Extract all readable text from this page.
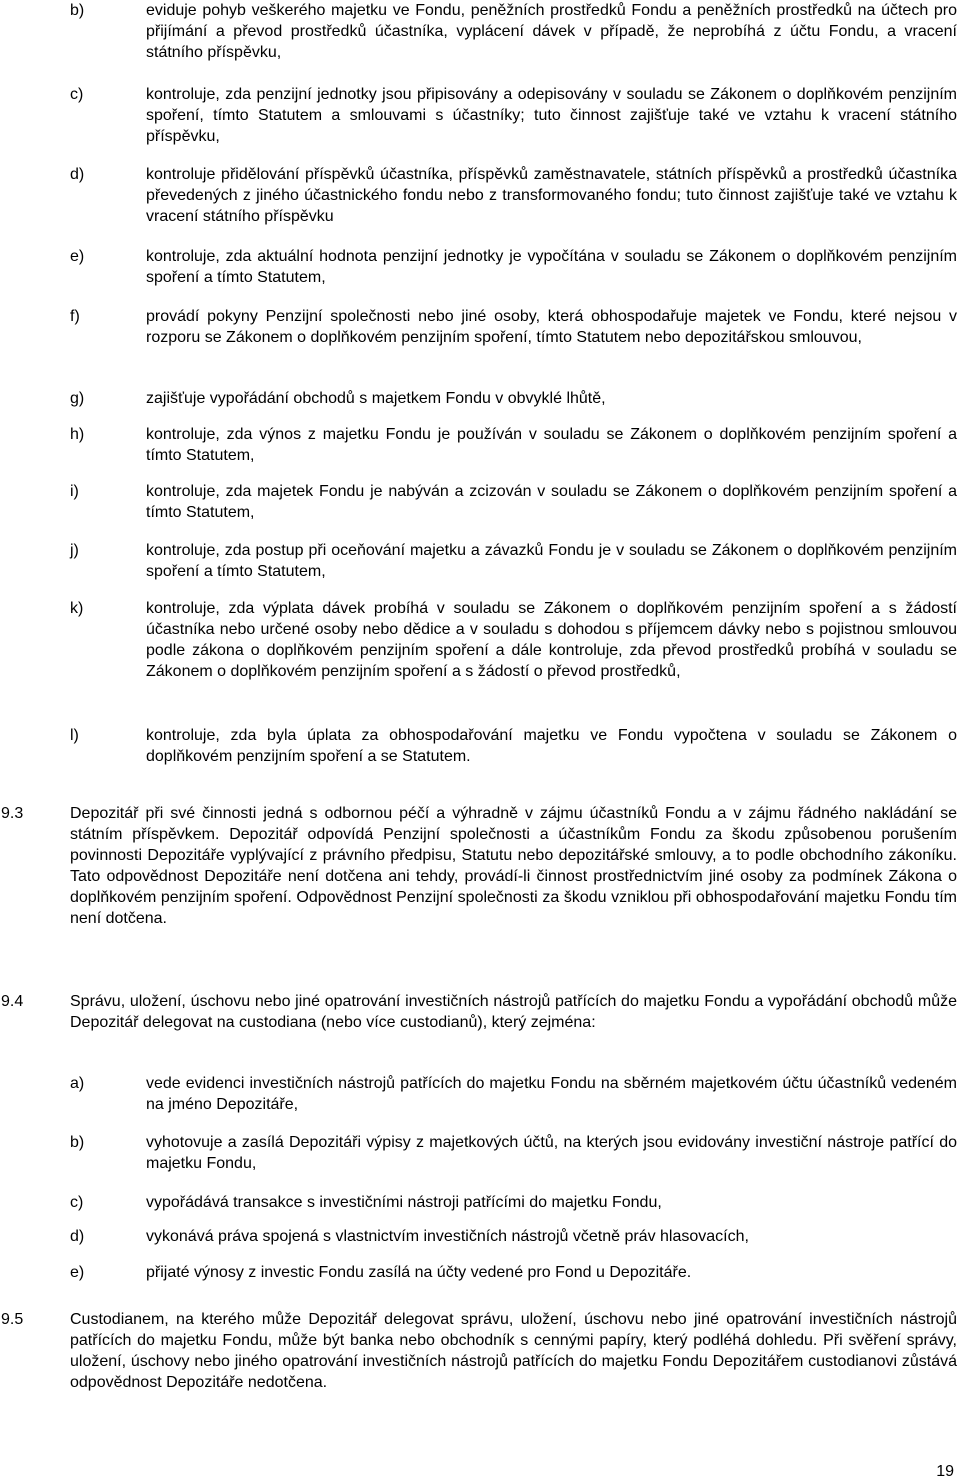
b)	eviduje pohyb veškerého majetku ve Fondu, peněžních prostředků Fondu a peněžních prostředků na účtech pro přijímání a převod prostředků účastníka, vyplácení dávek v případě, že neprobíhá z účtu Fondu, a vracení státního příspěvku,
c)	kontroluje, zda penzijní jednotky jsou připisovány a odepisovány v souladu se Zákonem o doplňkovém penzijním spoření, tímto Statutem a smlouvami s účastníky; tuto činnost zajišťuje také ve vztahu k vracení státního příspěvku,
d)	kontroluje přidělování příspěvků účastníka, příspěvků zaměstnavatele, státních příspěvků a prostředků účastníka převedených z jiného účastnického fondu nebo z transformovaného fondu; tuto činnost zajišťuje také ve vztahu k vracení státního příspěvku
e)	kontroluje, zda aktuální hodnota penzijní jednotky je vypočítána v souladu se Zákonem o doplňkovém penzijním spoření a tímto Statutem,
f)	provádí pokyny Penzijní společnosti nebo jiné osoby, která obhospodařuje majetek ve Fondu, které nejsou v rozporu se Zákonem o doplňkovém penzijním spoření, tímto Statutem nebo depozitářskou smlouvou,
g)	zajišťuje vypořádání obchodů s majetkem Fondu v obvyklé lhůtě,
h)	kontroluje, zda výnos z majetku Fondu je používán v souladu se Zákonem o doplňkovém penzijním spoření a tímto Statutem,
i)	kontroluje, zda majetek Fondu je nabýván a zcizován v souladu se Zákonem o doplňkovém penzijním spoření a tímto Statutem,
j)	kontroluje, zda postup při oceňování majetku a závazků Fondu je v souladu se Zákonem o doplňkovém penzijním spoření a tímto Statutem,
k)	kontroluje, zda výplata dávek probíhá v souladu se Zákonem o doplňkovém penzijním spoření a s žádostí účastníka nebo určené osoby nebo dědice a v souladu s dohodou s příjemcem dávky nebo s pojistnou smlouvou podle zákona o doplňkovém penzijním spoření a dále kontroluje, zda převod prostředků probíhá v souladu se Zákonem o doplňkovém penzijním spoření a s žádostí o převod prostředků,
l)	kontroluje, zda byla úplata za obhospodařování majetku ve Fondu vypočtena v souladu se Zákonem o doplňkovém penzijním spoření a se Statutem.
9.3	Depozitář při své činnosti jedná s odbornou péčí a výhradně v zájmu účastníků Fondu a v zájmu řádného nakládání se státním příspěvkem. Depozitář odpovídá Penzijní společnosti a účastníkům Fondu za škodu způsobenou porušením povinnosti Depozitáře vyplývající z právního předpisu, Statutu nebo depozitářské smlouvy, a to podle obchodního zákoníku. Tato odpovědnost Depozitáře není dotčena ani tehdy, provádí-li činnost prostřednictvím jiné osoby za podmínek Zákona o doplňkovém penzijním spoření. Odpovědnost Penzijní společnosti za škodu vzniklou při obhospodařování majetku Fondu tím není dotčena.
9.4	Správu, uložení, úschovu nebo jiné opatrování investičních nástrojů patřících do majetku Fondu a vypořádání obchodů může Depozitář delegovat na custodiana (nebo více custodianů), který zejména:
a)	vede evidenci investičních nástrojů patřících do majetku Fondu na sběrném majetkovém účtu účastníků vedeném na jméno Depozitáře,
b)	vyhotovuje a zasílá Depozitáři výpisy z majetkových účtů, na kterých jsou evidovány investiční nástroje patřící do majetku Fondu,
c)	vypořádává transakce s investičními nástroji patřícími do majetku Fondu,
d)	vykonává práva spojená s vlastnictvím investičních nástrojů včetně práv hlasovacích,
e)	přijaté výnosy z investic Fondu zasílá na účty vedené pro Fond u Depozitáře.
9.5	Custodianem, na kterého může Depozitář delegovat správu, uložení, úschovu nebo jiné opatrování investičních nástrojů patřících do majetku Fondu, může být banka nebo obchodník s cennými papíry, který podléhá dohledu. Při svěření správy, uložení, úschovy nebo jiného opatrování investičních nástrojů patřících do majetku Fondu Depozitářem custodianovi zůstává odpovědnost Depozitáře nedotčena.
19
